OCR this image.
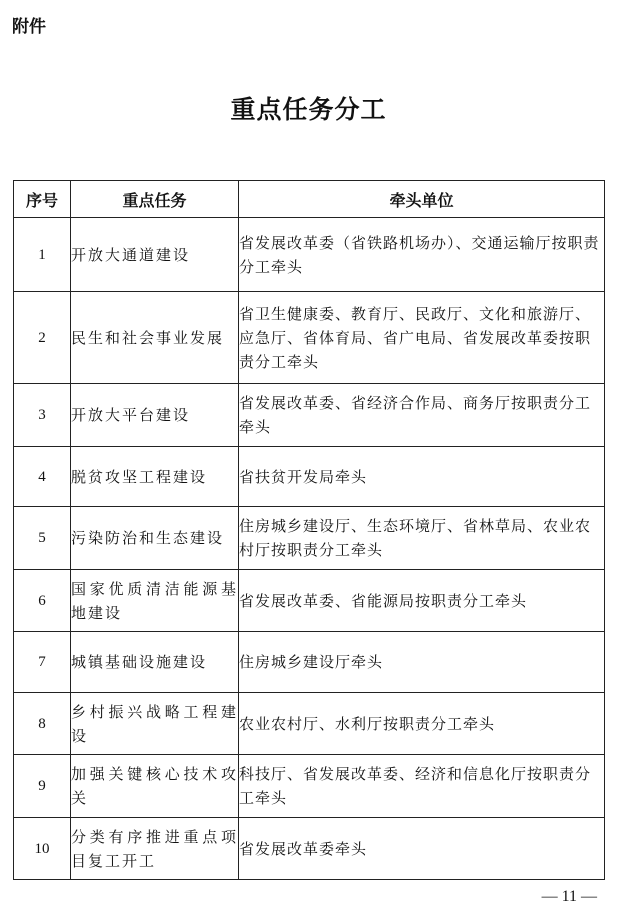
附件
重点任务分工
序号	重点任务	牵头单位
1	开放大通道建设	省发展改革委（省铁路机场办）、交通运输厅按职责分工牵头
2	民生和社会事业发展	省卫生健康委、教育厅、民政厅、文化和旅游厅、应急厅、省体育局、省广电局、省发展改革委按职责分工牵头
3	开放大平台建设	省发展改革委、省经济合作局、商务厅按职责分工牵头
4	脱贫攻坚工程建设	省扶贫开发局牵头
5	污染防治和生态建设	住房城乡建设厅、生态环境厅、省林草局、农业农村厅按职责分工牵头
6	国家优质清洁能源基地建设	省发展改革委、省能源局按职责分工牵头
7	城镇基础设施建设	住房城乡建设厅牵头
8	乡村振兴战略工程建设	农业农村厅、水利厅按职责分工牵头
9	加强关键核心技术攻关	科技厅、省发展改革委、经济和信息化厅按职责分工牵头
10	分类有序推进重点项目复工开工	省发展改革委牵头
— 11 —
